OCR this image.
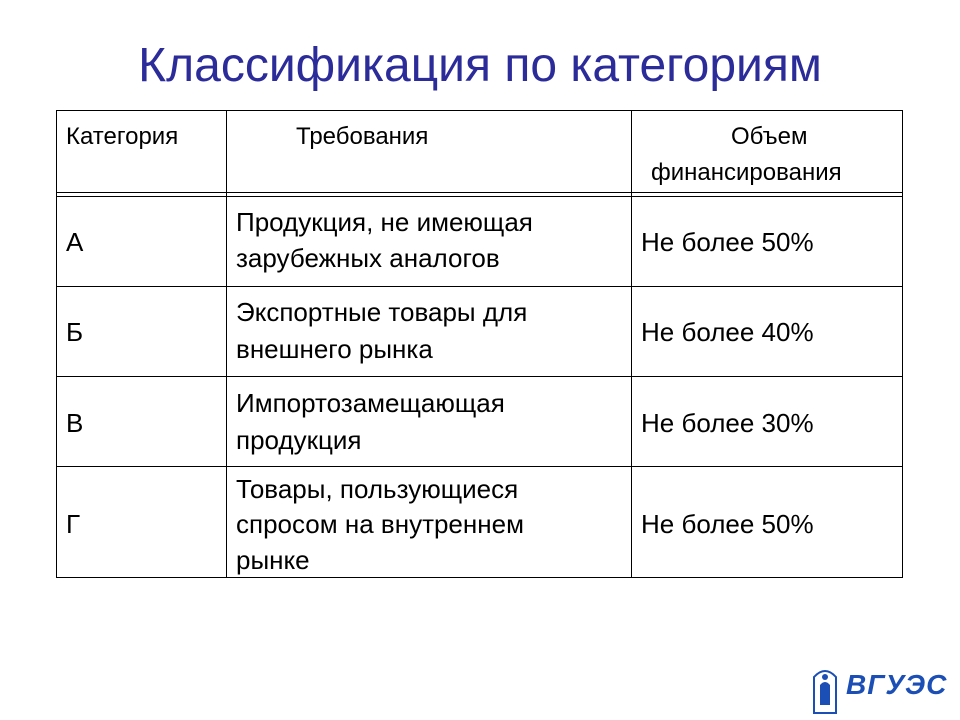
Классификация по категориям
Категория	Требования	Объем
финансирования
А
Продукция, не имеющая
зарубежных аналогов
Не более 50%
Б
Экспортные товары для
внешнего рынка
Не более 40%
В
Импортозамещающая
продукция
Не более 30%
Г
Товары, пользующиеся
спросом на внутреннем
рынке
Не более 50%
ВГУЭС
